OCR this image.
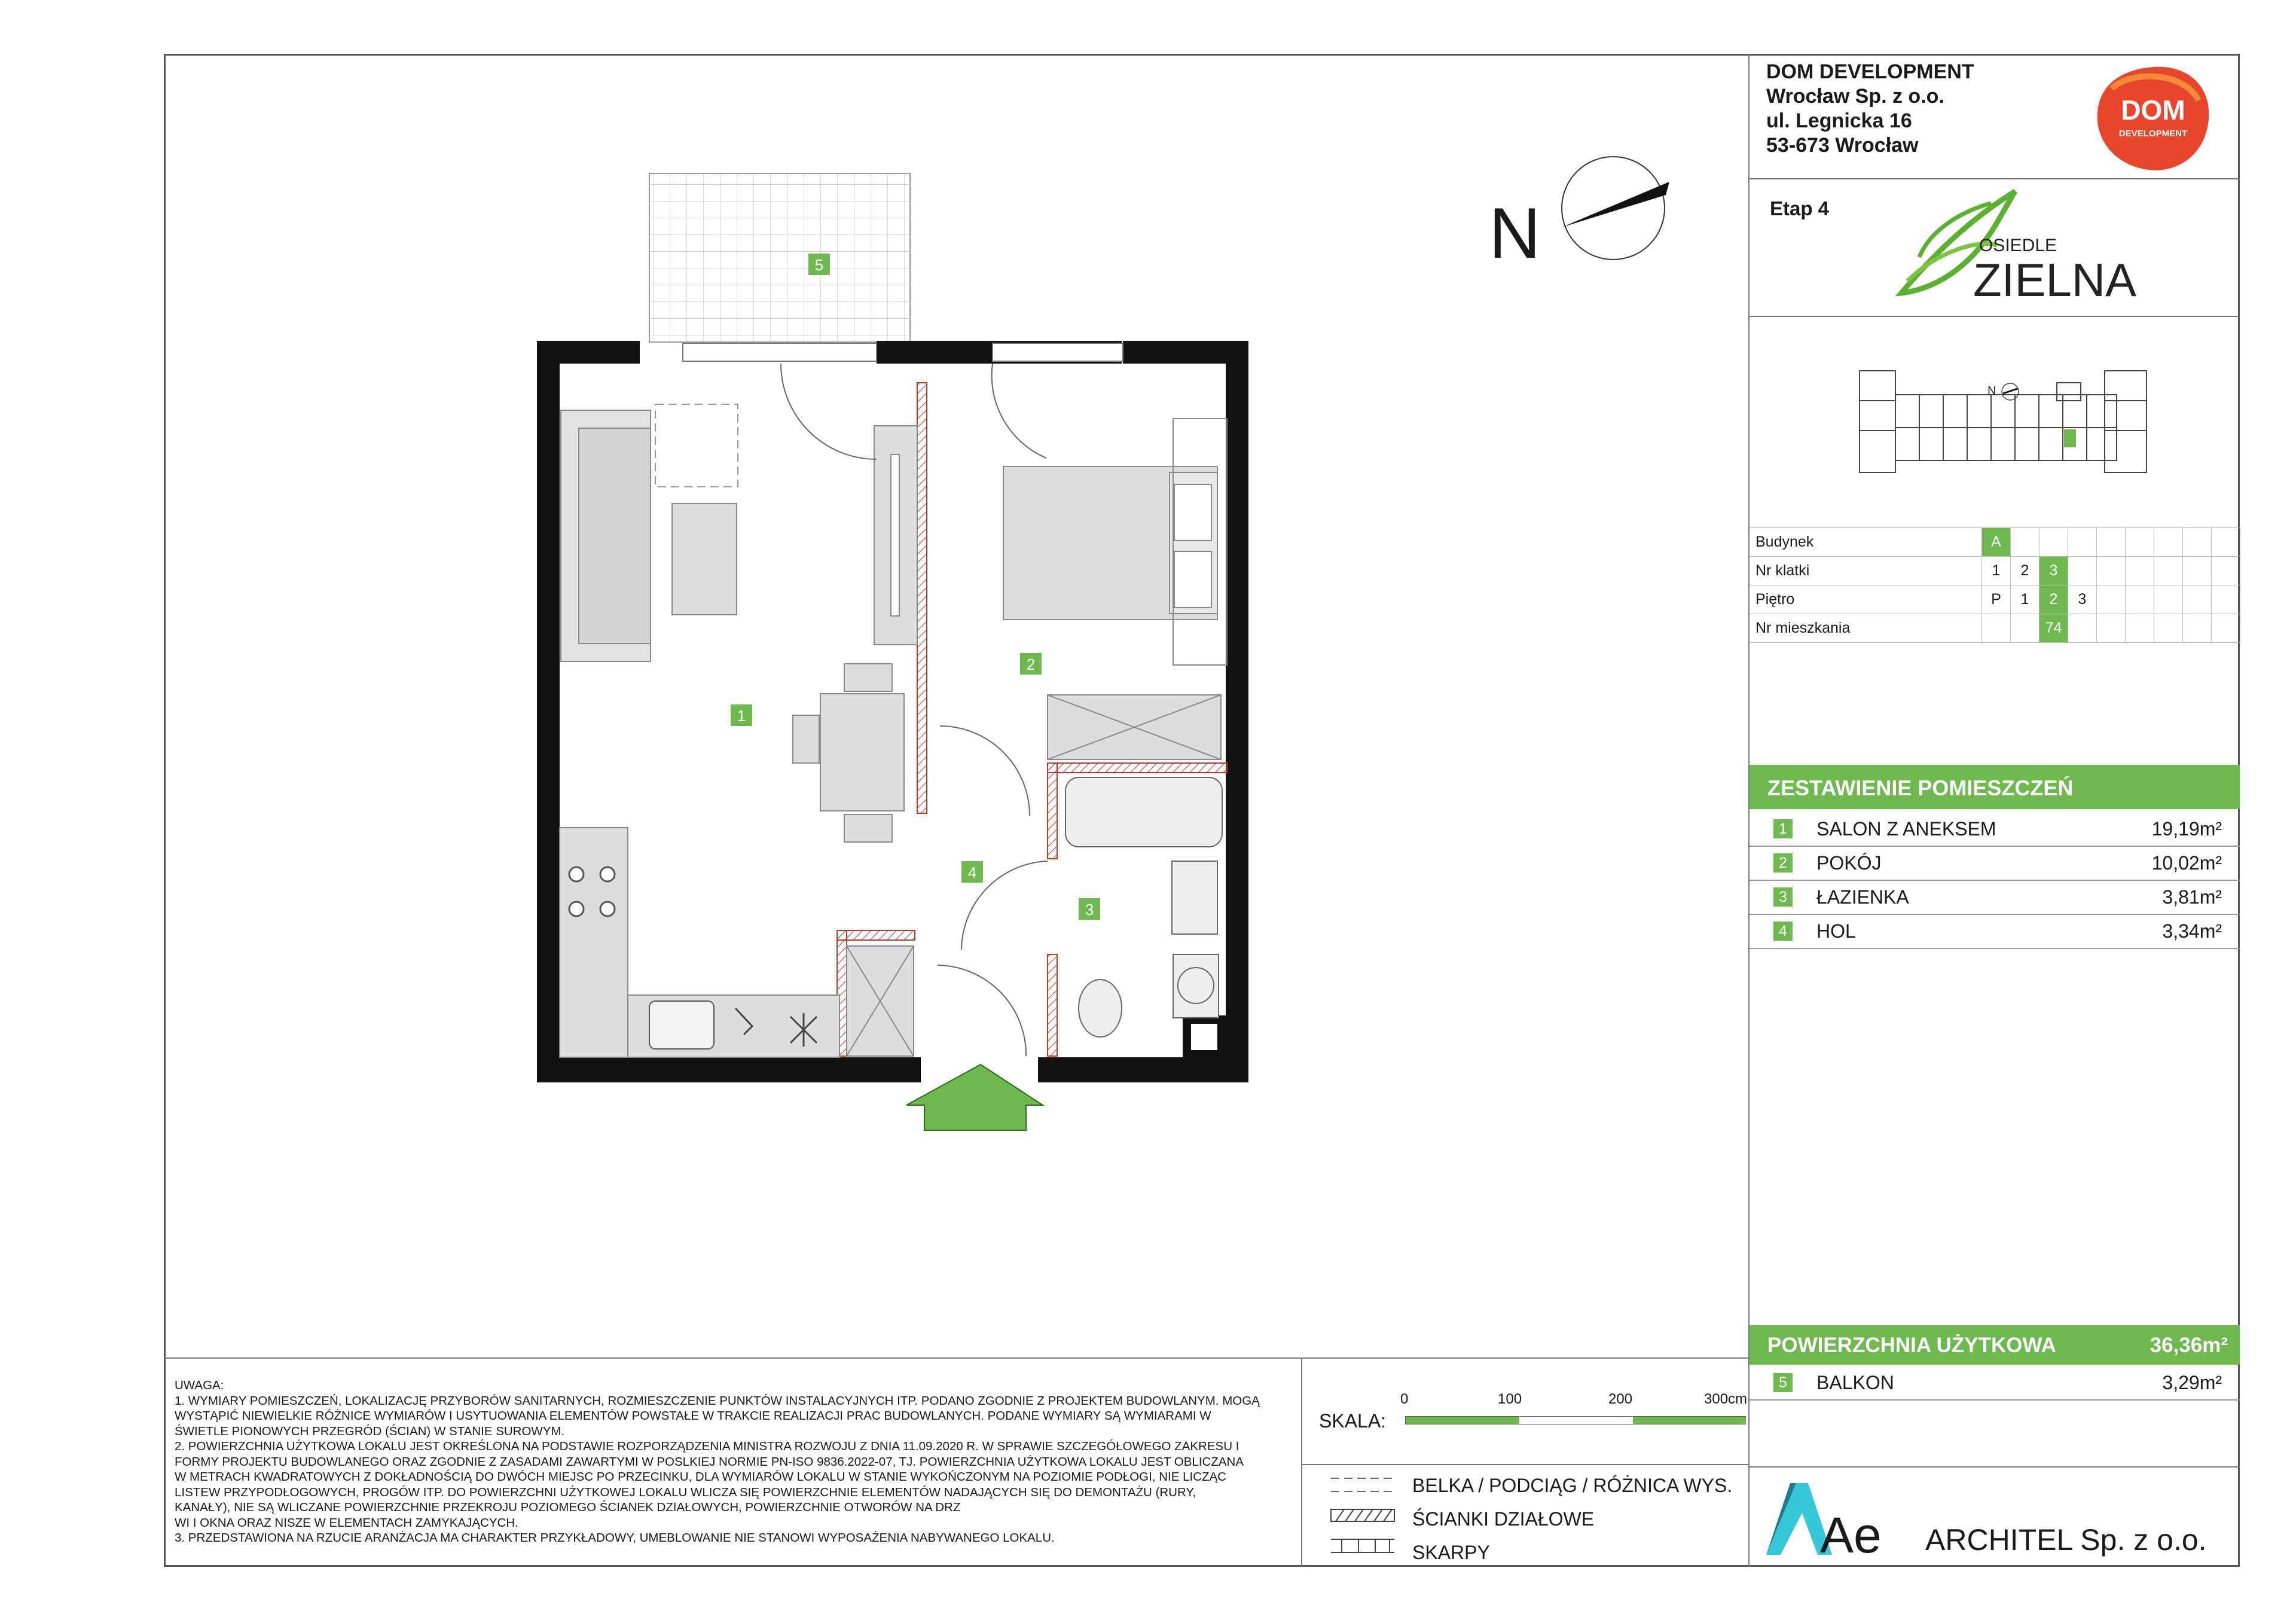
DOM DEVELOPMENT
Wrocław Sp. z o.o.
ul. Legnicka 16
53-673 Wrocław
DOM
DEVELOPMENT
Etap 4
OSIEDLE
ZIELNA
N
Budynek	A								
Nr klatki	1	2	3						
Piętro	P	1	2	3					
Nr mieszkania			74						
ZESTAWIENIE POMIESZCZEŃ
1 SALON Z ANEKSEM	19,19m²
2 POKÓJ	10,02m²
3 ŁAZIENKA	3,81m²
4 HOL	3,34m²
POWIERZCHNIA UŻYTKOWA	36,36m²
5 BALKON	3,29m²
Ae ARCHITEL Sp. z o.o.
UWAGA:
1. WYMIARY POMIESZCZEŃ, LOKALIZACJĘ PRZYBORÓW SANITARNYCH, ROZMIESZCZENIE PUNKTÓW INSTALACYJNYCH ITP. PODANO ZGODNIE Z PROJEKTEM BUDOWLANYM. MOGĄ
WYSTĄPIĆ NIEWIELKIE RÓŻNICE WYMIARÓW I USYTUOWANIA ELEMENTÓW POWSTAŁE W TRAKCIE REALIZACJI PRAC BUDOWLANYCH. PODANE WYMIARY SĄ WYMIARAMI W
ŚWIETLE PIONOWYCH PRZEGRÓD (ŚCIAN) W STANIE SUROWYM.
2. POWIERZCHNIA UŻYTKOWA LOKALU JEST OKREŚLONA NA PODSTAWIE ROZPORZĄDZENIA MINISTRA ROZWOJU Z DNIA 11.09.2020 R. W SPRAWIE SZCZEGÓŁOWEGO ZAKRESU I
FORMY PROJEKTU BUDOWLANEGO ORAZ ZGODNIE Z ZASADAMI ZAWARTYMI W POSLKIEJ NORMIE PN-ISO 9836.2022-07, TJ. POWIERZCHNIA UŻYTKOWA LOKALU JEST OBLICZANA
W METRACH KWADRATOWYCH Z DOKŁADNOŚCIĄ DO DWÓCH MIEJSC PO PRZECINKU, DLA WYMIARÓW LOKALU W STANIE WYKOŃCZONYM NA POZIOMIE PODŁOGI, NIE LICZĄC
LISTEW PRZYPODŁOGOWYCH, PROGÓW ITP. DO POWIERZCHNI UŻYTKOWEJ LOKALU WLICZA SIĘ POWIERZCHNIE ELEMENTÓW NADAJĄCYCH SIĘ DO DEMONTAŻU (RURY,
KANAŁY), NIE SĄ WLICZANE POWIERZCHNIE PRZEKROJU POZIOMEGO ŚCIANEK DZIAŁOWYCH, POWIERZCHNIE OTWORÓW NA DRZ
WI I OKNA ORAZ NISZE W ELEMENTACH ZAMYKAJĄCYCH.
3. PRZEDSTAWIONA NA RZUCIE ARANŻACJA MA CHARAKTER PRZYKŁADOWY, UMEBLOWANIE NIE STANOWI WYPOSAŻENIA NABYWANEGO LOKALU.
SKALA:
0	100	200	300cm
BELKA / PODCIĄG / RÓŻNICA WYS.
ŚCIANKI DZIAŁOWE
SKARPY
N
5
1
2
4
3
